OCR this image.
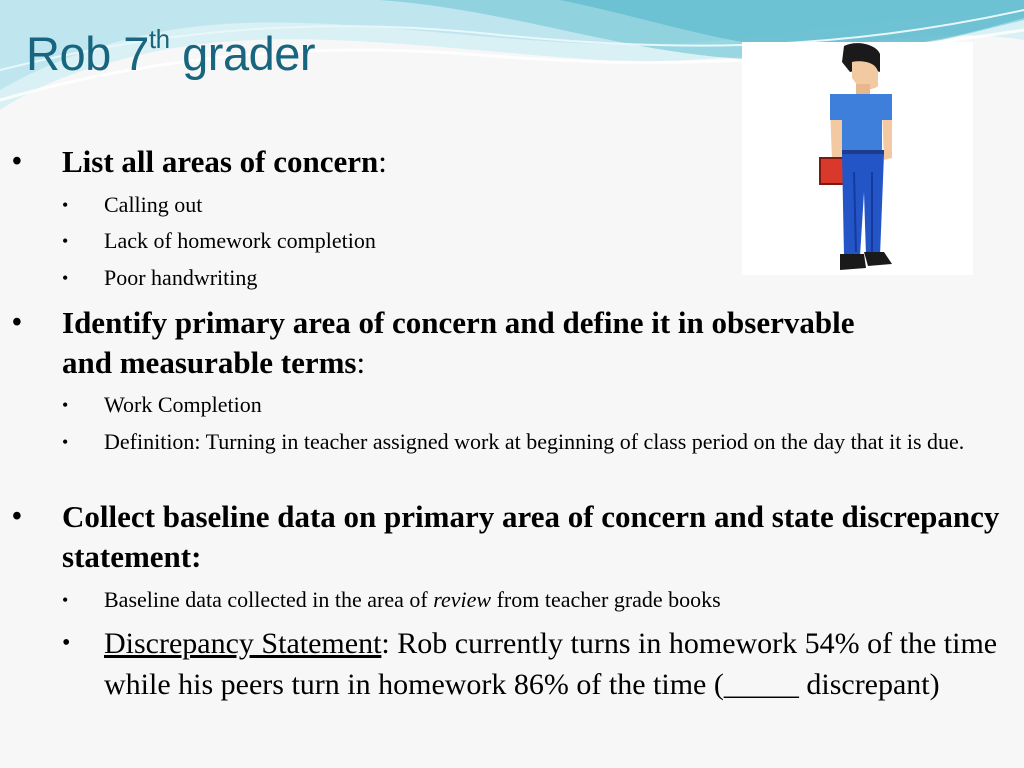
Rob 7th grader

• List all areas of concern:

• Calling out

• Lack of homework completion

• Poor handwriting

• Identify primary area of concern and define it in observable and measurable terms:

• Work Completion

• Definition: Turning in teacher assigned work at beginning of class period on the day that it is due.

• Collect baseline data on primary area of concern and state discrepancy statement:

• Baseline data collected in the area of review from teacher grade books

• Discrepancy Statement: Rob currently turns in homework 54% of the time while his peers turn in homework 86% of the time (_____ discrepant)
